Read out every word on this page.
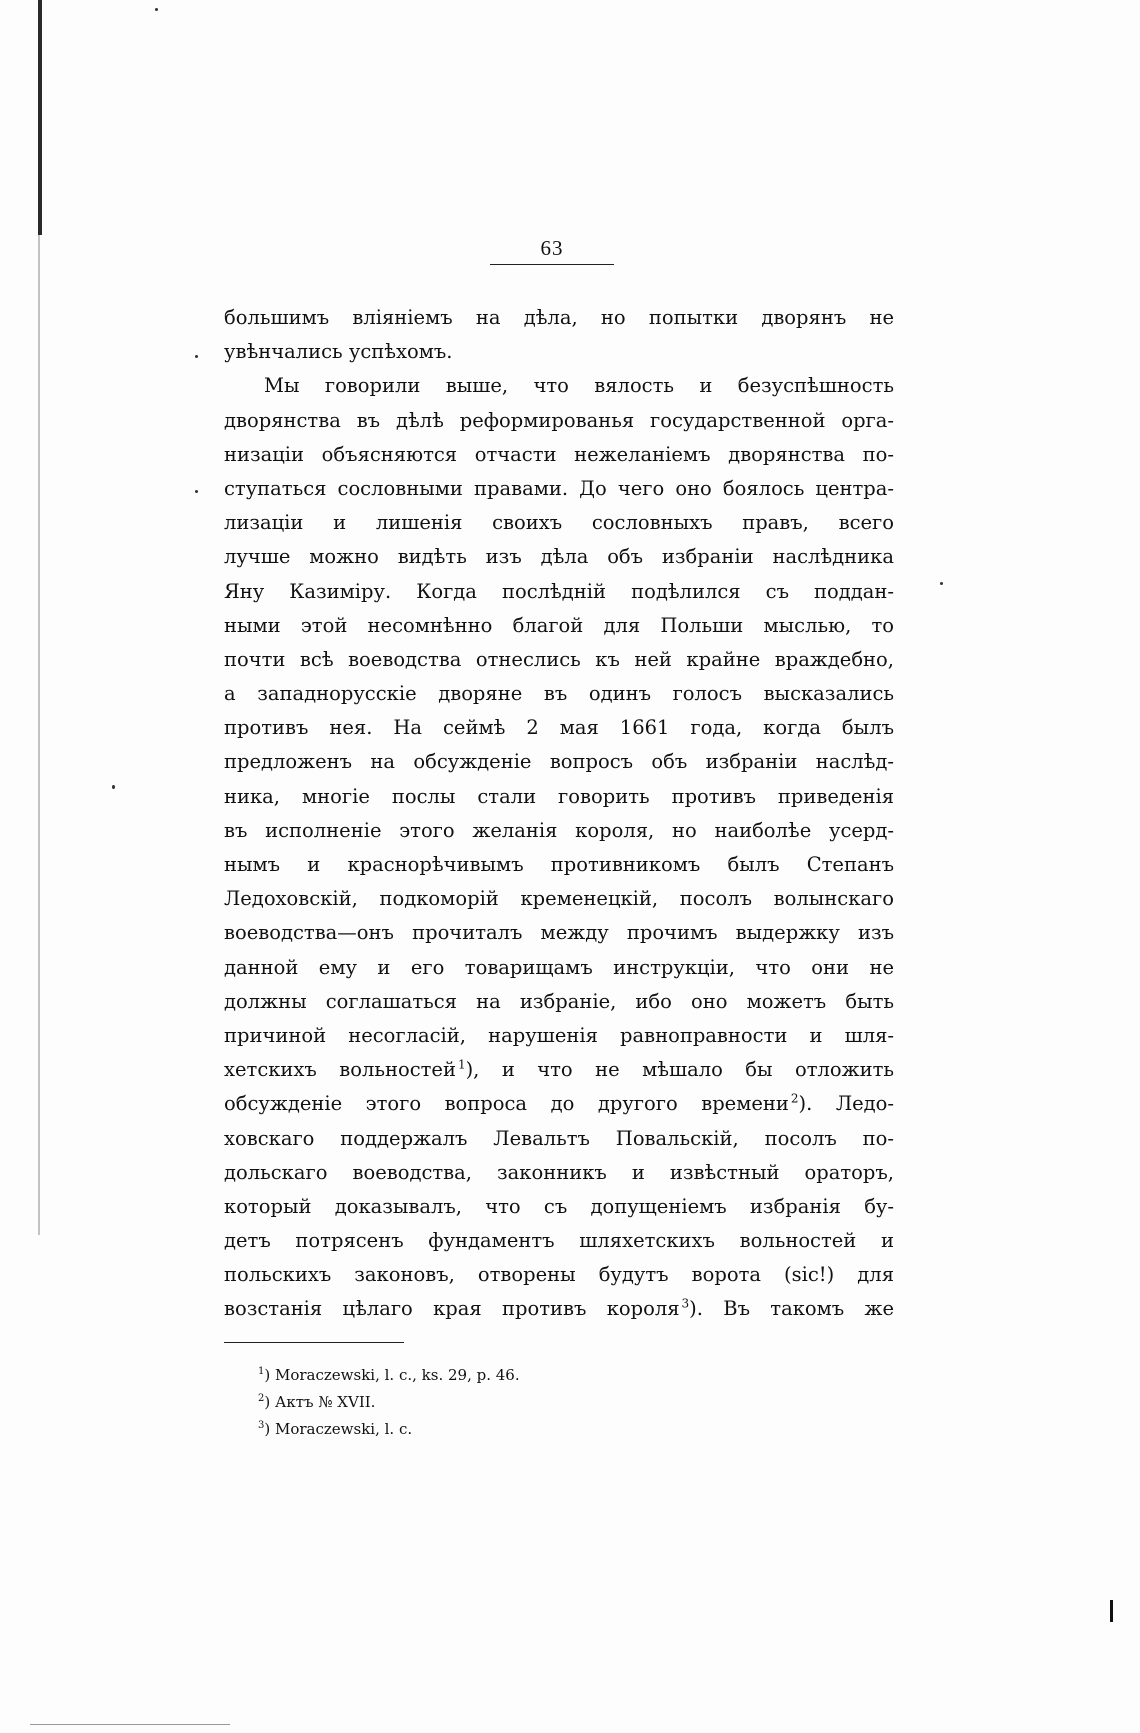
63
большимъ вліяніемъ на дѣла, но попытки дворянъ не
увѣнчались успѣхомъ.
Мы говорили выше, что вялость и безуспѣшность
дворянства въ дѣлѣ реформированья государственной орга-
низаціи объясняются отчасти нежеланіемъ дворянства по-
ступаться сословными правами. До чего оно боялось центра-
лизаціи и лишенія своихъ сословныхъ правъ, всего
лучше можно видѣть изъ дѣла объ избраніи наслѣдника
Яну Казиміру. Когда послѣдній подѣлился съ поддан-
ными этой несомнѣнно благой для Польши мыслью, то
почти всѣ воеводства отнеслись къ ней крайне враждебно,
а западнорусскіе дворяне въ одинъ голосъ высказались
противъ нея. На сеймѣ 2 мая 1661 года, когда былъ
предложенъ на обсужденіе вопросъ объ избраніи наслѣд-
ника, многіе послы стали говорить противъ приведенія
въ исполненіе этого желанія короля, но наиболѣе усерд-
нымъ и краснорѣчивымъ противникомъ былъ Степанъ
Ледоховскій, подкоморій кременецкій, посолъ волынскаго
воеводства—онъ прочиталъ между прочимъ выдержку изъ
данной ему и его товарищамъ инструкціи, что они не
должны соглашаться на избраніе, ибо оно можетъ быть
причиной несогласій, нарушенія равноправности и шля-
хетскихъ вольностей  $^1$), и что не мѣшало бы отложить
обсужденіе этого вопроса до другого времени  $^2$). Ледо-
ховскаго поддержалъ Левальтъ Повальскій, посолъ по-
дольскаго воеводства, законникъ и извѣстный ораторъ,
который доказывалъ, что съ допущеніемъ избранія бу-
детъ потрясенъ фундаментъ шляхетскихъ вольностей и
польскихъ законовъ, отворены будутъ ворота (sic!) для
возстанія цѣлаго края противъ короля  $^3$). Въ такомъ же
$^1$) Moraczewski, l. c., ks. 29, p. 46.
$^2$) Актъ № XVII.
$^3$) Moraczewski, l. c.
